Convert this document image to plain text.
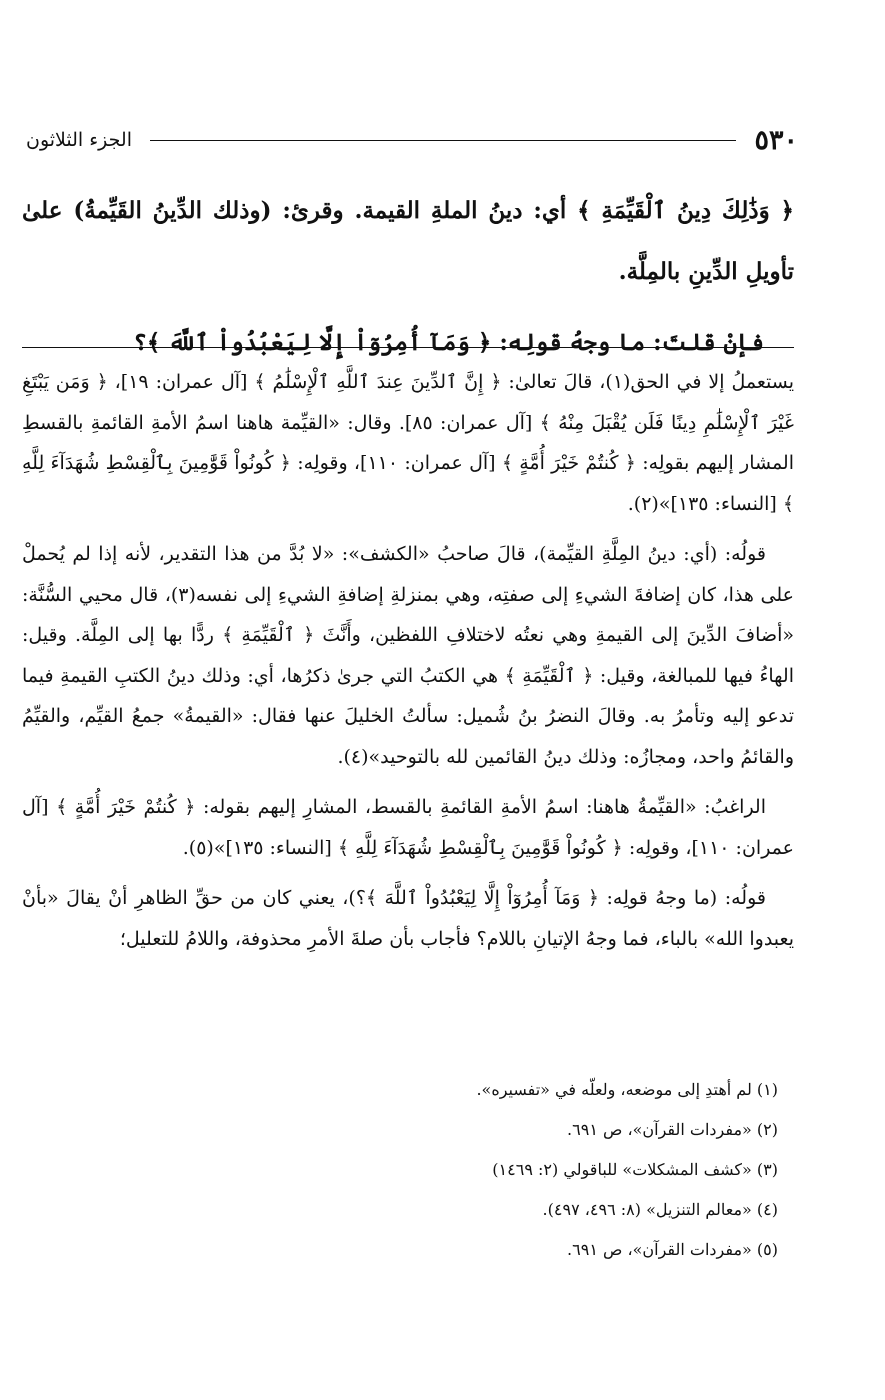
٥٣٠
الجزء الثلاثون

﴿ وَذَٰلِكَ دِينُ ٱلْقَيِّمَةِ ﴾ أي: دينُ الملةِ القيمة. وقرئ: (وذلك الدِّينُ القَيِّمةُ) علىٰ تأويلِ الدِّينِ بالمِلَّة.

فإنْ قلتَ: ما وجهُ قولِه: ﴿ وَمَآ أُمِرُوٓاْ إِلَّا لِيَعْبُدُواْ ٱللَّهَ ﴾؟

يستعملُ إلا في الحق(١)، قالَ تعالىٰ: ﴿ إِنَّ ٱلدِّينَ عِندَ ٱللَّهِ ٱلْإِسْلَٰمُ ﴾ [آل عمران: ١٩]، ﴿ وَمَن يَبْتَغِ غَيْرَ ٱلْإِسْلَٰمِ دِينًا فَلَن يُقْبَلَ مِنْهُ ﴾ [آل عمران: ٨٥]. وقال: «القيِّمة هاهنا اسمُ الأمةِ القائمةِ بالقسطِ المشار إليهم بقولِه: ﴿ كُنتُمْ خَيْرَ أُمَّةٍ ﴾ [آل عمران: ١١٠]، وقولِه: ﴿ كُونُواْ قَوَّٰمِينَ بِٱلْقِسْطِ شُهَدَآءَ لِلَّهِ ﴾ [النساء: ١٣٥]»(٢).

قولُه: (أي: دينُ المِلَّةِ القيِّمة)، قالَ صاحبُ «الكشف»: «لا بُدَّ من هذا التقدير، لأنه إذا لم يُحملْ على هذا، كان إضافةَ الشيءِ إلى صفتِه، وهي بمنزلةِ إضافةِ الشيءِ إلى نفسه(٣)، قال محيي السُّنَّة: «أضافَ الدِّينَ إلى القيمةِ وهي نعتُه لاختلافِ اللفظين، وأَنَّثَ ﴿ ٱلْقَيِّمَةِ ﴾ ردًّا بها إلى المِلَّة. وقيل: الهاءُ فيها للمبالغة، وقيل: ﴿ ٱلْقَيِّمَةِ ﴾ هي الكتبُ التي جرىٰ ذكرُها، أي: وذلك دينُ الكتبِ القيمةِ فيما تدعو إليه وتأمرُ به. وقالَ النضرُ بنُ شُميل: سألتُ الخليلَ عنها فقال: «القيمةُ» جمعُ القيِّم، والقيِّمُ والقائمُ واحد، ومجازُه: وذلك دينُ القائمين لله بالتوحيد»(٤).

الراغبُ: «القيِّمةُ هاهنا: اسمُ الأمةِ القائمةِ بالقسط، المشارِ إليهم بقوله: ﴿ كُنتُمْ خَيْرَ أُمَّةٍ ﴾ [آل عمران: ١١٠]، وقولِه: ﴿ كُونُواْ قَوَّٰمِينَ بِٱلْقِسْطِ شُهَدَآءَ لِلَّهِ ﴾ [النساء: ١٣٥]»(٥).

قولُه: (ما وجهُ قولِه: ﴿ وَمَآ أُمِرُوٓاْ إِلَّا لِيَعْبُدُواْ ٱللَّهَ ﴾؟)، يعني كان من حقِّ الظاهرِ أنْ يقالَ «بأنْ يعبدوا الله» بالباء، فما وجهُ الإتيانِ باللام؟ فأجاب بأن صلةَ الأمرِ محذوفة، واللامُ للتعليل؛

(١) لم أهتدِ إلى موضعه، ولعلّه في «تفسيره».
(٢) «مفردات القرآن»، ص ٦٩١.
(٣) «كشف المشكلات» للباقولي (٢: ١٤٦٩)
(٤) «معالم التنزيل» (٨: ٤٩٦، ٤٩٧).
(٥) «مفردات القرآن»، ص ٦٩١.
